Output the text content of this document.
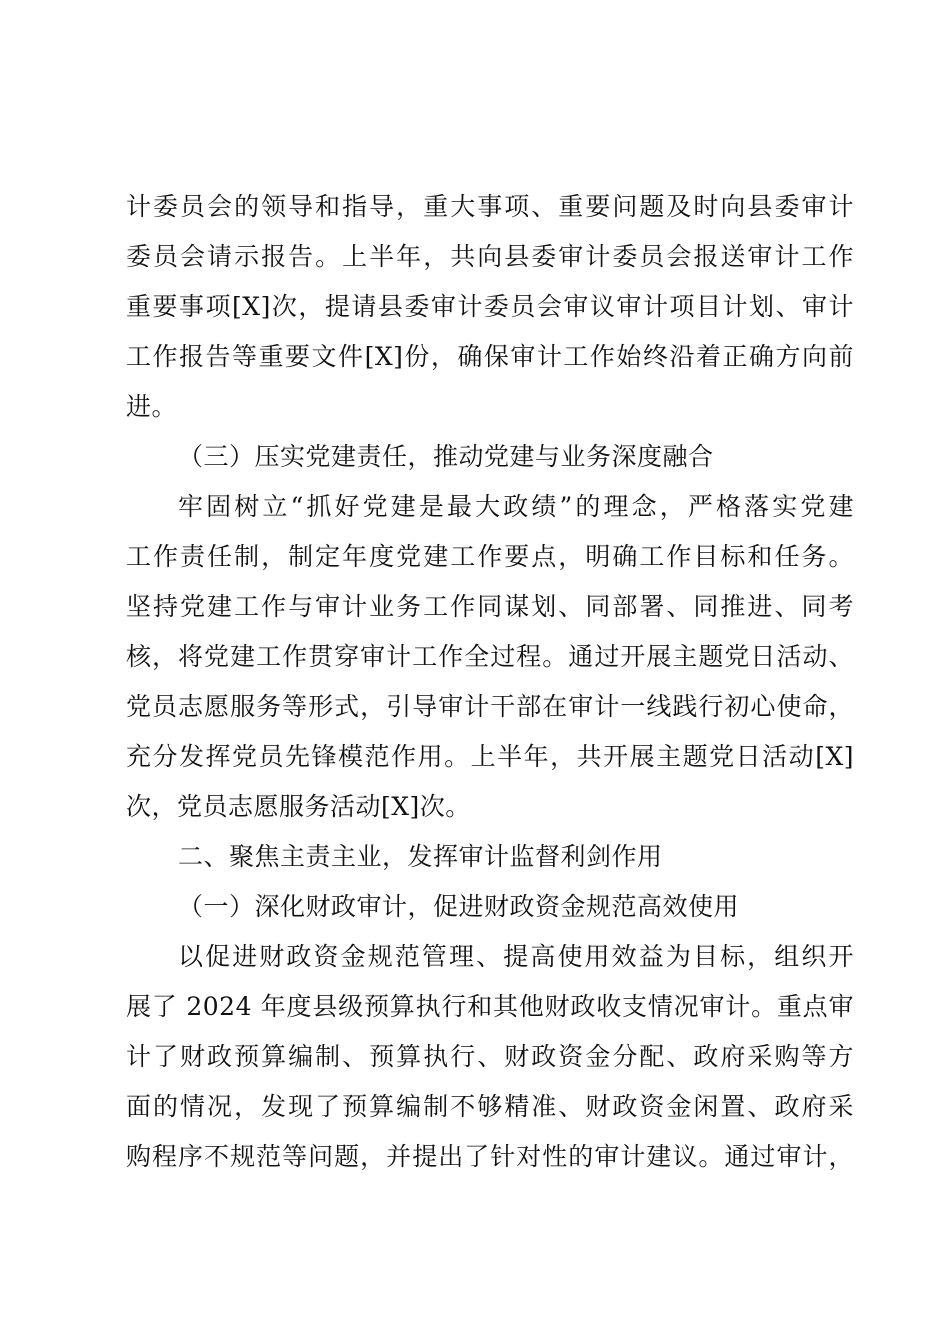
计委员会的领导和指导，重大事项、重要问题及时向县委审计
委员会请示报告。上半年，共向县委审计委员会报送审计工作
重要事项[X]次，提请县委审计委员会审议审计项目计划、审计
工作报告等重要文件[X]份，确保审计工作始终沿着正确方向前
进。
（三）压实党建责任，推动党建与业务深度融合
牢固树立“抓好党建是最大政绩”的理念，严格落实党建
工作责任制，制定年度党建工作要点，明确工作目标和任务。
坚持党建工作与审计业务工作同谋划、同部署、同推进、同考
核，将党建工作贯穿审计工作全过程。通过开展主题党日活动、
党员志愿服务等形式，引导审计干部在审计一线践行初心使命，
充分发挥党员先锋模范作用。上半年，共开展主题党日活动[X]
次，党员志愿服务活动[X]次。
二、聚焦主责主业，发挥审计监督利剑作用
（一）深化财政审计，促进财政资金规范高效使用
以促进财政资金规范管理、提高使用效益为目标，组织开
展了 2024 年度县级预算执行和其他财政收支情况审计。重点审
计了财政预算编制、预算执行、财政资金分配、政府采购等方
面的情况，发现了预算编制不够精准、财政资金闲置、政府采
购程序不规范等问题，并提出了针对性的审计建议。通过审计，
